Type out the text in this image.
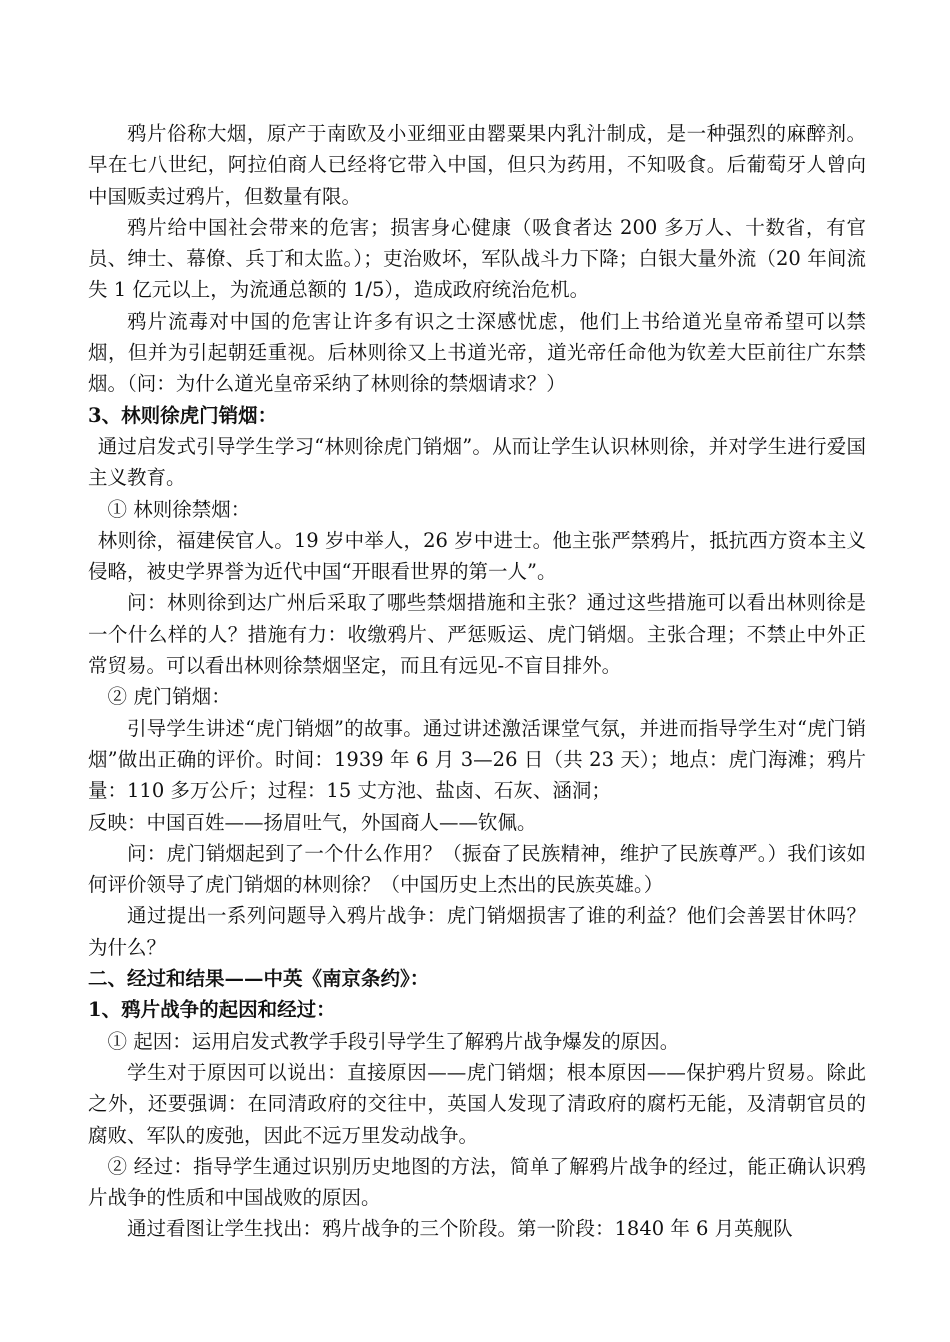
鸦片俗称大烟，原产于南欧及小亚细亚由罂粟果内乳汁制成，是一种强烈的麻醉剂。早在七八世纪，阿拉伯商人已经将它带入中国，但只为药用，不知吸食。后葡萄牙人曾向中国贩卖过鸦片，但数量有限。

鸦片给中国社会带来的危害；损害身心健康（吸食者达 200 多万人、十数省，有官员、绅士、幕僚、兵丁和太监。）；吏治败坏，军队战斗力下降；白银大量外流（20 年间流失 1 亿元以上，为流通总额的 1/5），造成政府统治危机。

鸦片流毒对中国的危害让许多有识之士深感忧虑，他们上书给道光皇帝希望可以禁烟，但并为引起朝廷重视。后林则徐又上书道光帝，道光帝任命他为钦差大臣前往广东禁烟。（问：为什么道光皇帝采纳了林则徐的禁烟请求？）

3、林则徐虎门销烟：

通过启发式引导学生学习“林则徐虎门销烟”。从而让学生认识林则徐，并对学生进行爱国主义教育。

① 林则徐禁烟：

林则徐，福建侯官人。19 岁中举人，26 岁中进士。他主张严禁鸦片，抵抗西方资本主义侵略，被史学界誉为近代中国“开眼看世界的第一人”。

问：林则徐到达广州后采取了哪些禁烟措施和主张？通过这些措施可以看出林则徐是一个什么样的人？措施有力：收缴鸦片、严惩贩运、虎门销烟。主张合理；不禁止中外正常贸易。可以看出林则徐禁烟坚定，而且有远见-不盲目排外。

② 虎门销烟：

引导学生讲述“虎门销烟”的故事。通过讲述激活课堂气氛，并进而指导学生对“虎门销烟”做出正确的评价。时间：1939 年 6 月 3—26 日（共 23 天）；地点：虎门海滩；鸦片量：110 多万公斤；过程：15 丈方池、盐卤、石灰、涵洞；

反映：中国百姓——扬眉吐气，外国商人——钦佩。

问：虎门销烟起到了一个什么作用？（振奋了民族精神，维护了民族尊严。）我们该如何评价领导了虎门销烟的林则徐？（中国历史上杰出的民族英雄。）

通过提出一系列问题导入鸦片战争：虎门销烟损害了谁的利益？他们会善罢甘休吗？为什么？

二、经过和结果——中英《南京条约》：

1、鸦片战争的起因和经过：

① 起因：运用启发式教学手段引导学生了解鸦片战争爆发的原因。

学生对于原因可以说出：直接原因——虎门销烟；根本原因——保护鸦片贸易。除此之外，还要强调：在同清政府的交往中，英国人发现了清政府的腐朽无能，及清朝官员的腐败、军队的废弛，因此不远万里发动战争。

② 经过：指导学生通过识别历史地图的方法，简单了解鸦片战争的经过，能正确认识鸦片战争的性质和中国战败的原因。

通过看图让学生找出：鸦片战争的三个阶段。第一阶段：1840 年 6 月英舰队
